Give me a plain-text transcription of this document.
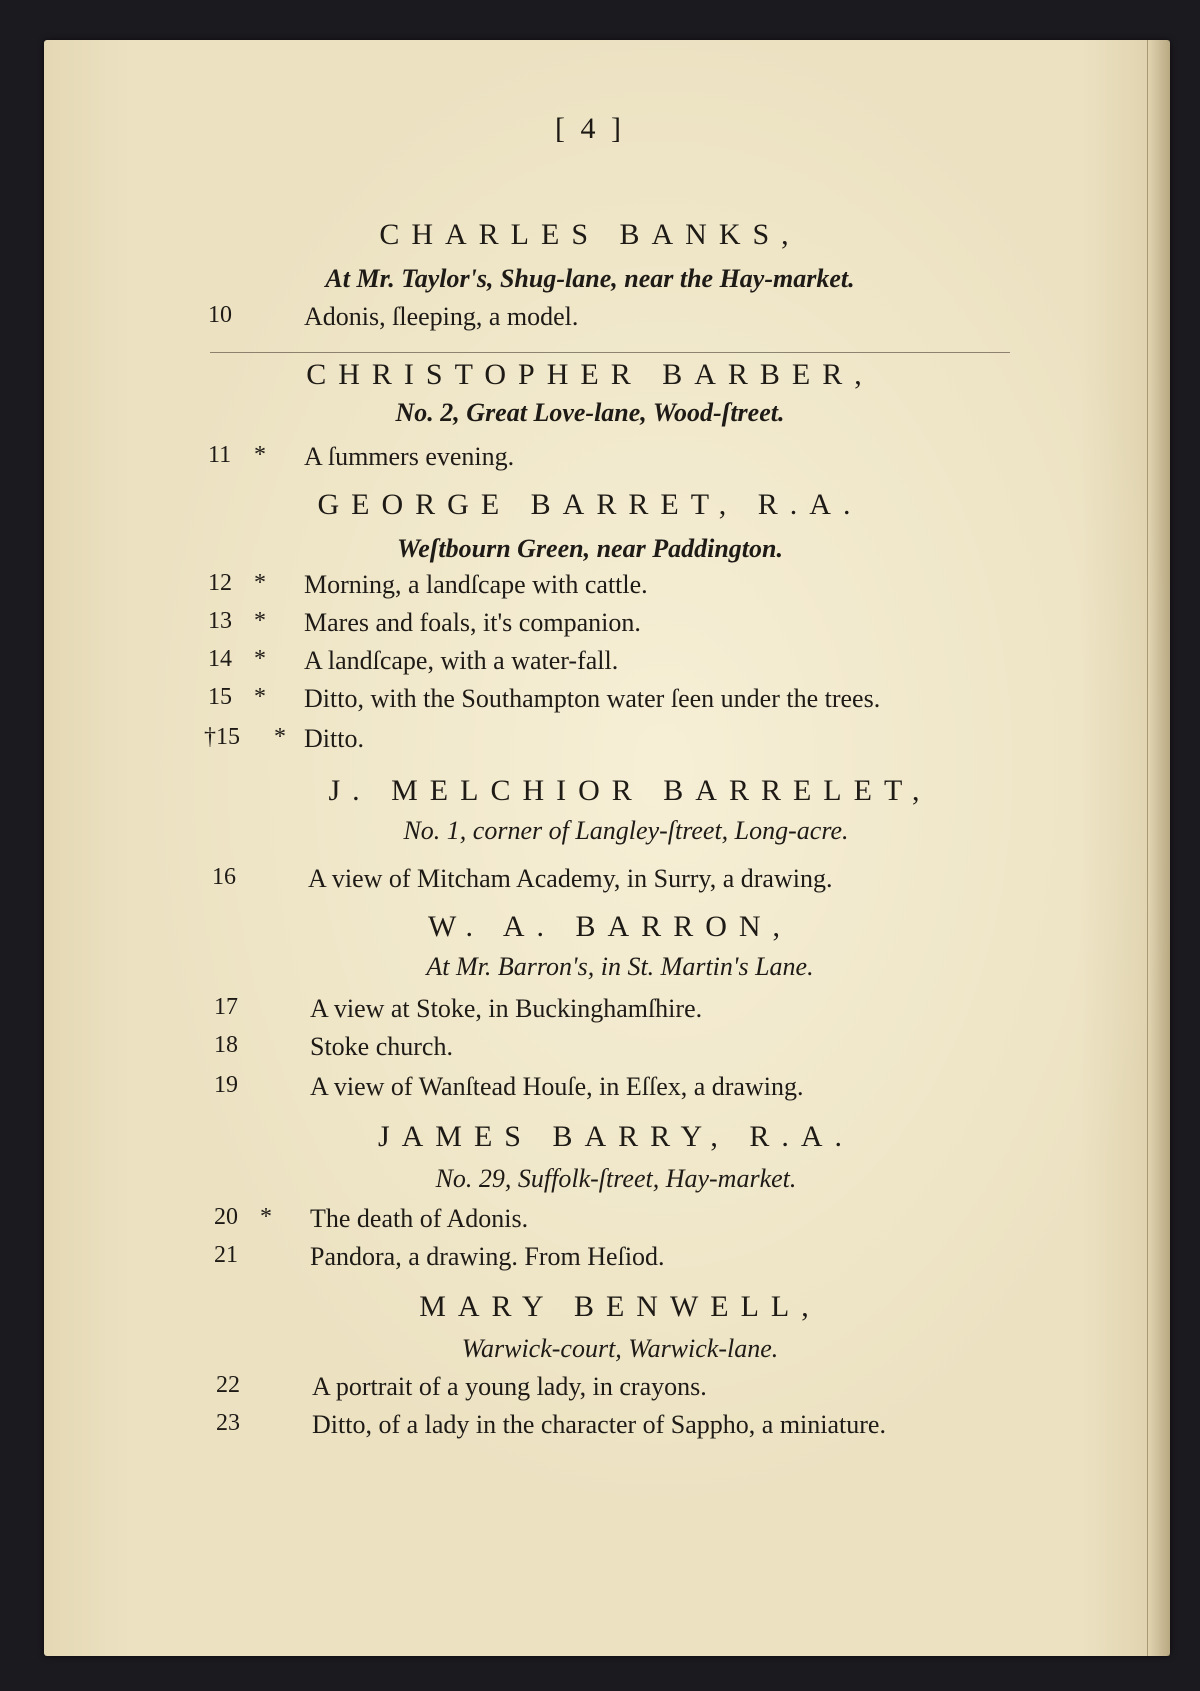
[ 4 ]
CHARLES BANKS,
At Mr. Taylor's, Shug-lane, near the Hay-market.
10	Adonis, ſleeping, a model.
CHRISTOPHER BARBER,
No. 2, Great Love-lane, Wood-ſtreet.
11 * A ſummers evening.
GEORGE BARRET, R.A.
Weſtbourn Green, near Paddington.
12 * Morning, a landſcape with cattle.
13 * Mares and foals, it's companion.
14 * A landſcape, with a water-fall.
15 * Ditto, with the Southampton water ſeen under the trees.
†15	* Ditto.
J. MELCHIOR BARRELET,
No. 1, corner of Langley-ſtreet, Long-acre.
16	A view of Mitcham Academy, in Surry, a drawing.
W. A. BARRON,
At Mr. Barron's, in St. Martin's Lane.
17	A view at Stoke, in Buckinghamſhire.
18	Stoke church.
19	A view of Wanſtead Houſe, in Eſſex, a drawing.
JAMES BARRY, R.A.
No. 29, Suffolk-ſtreet, Hay-market.
20 * The death of Adonis.
21	Pandora, a drawing. From Heſiod.
MARY BENWELL,
Warwick-court, Warwick-lane.
22	A portrait of a young lady, in crayons.
23	Ditto, of a lady in the character of Sappho, a miniature.
